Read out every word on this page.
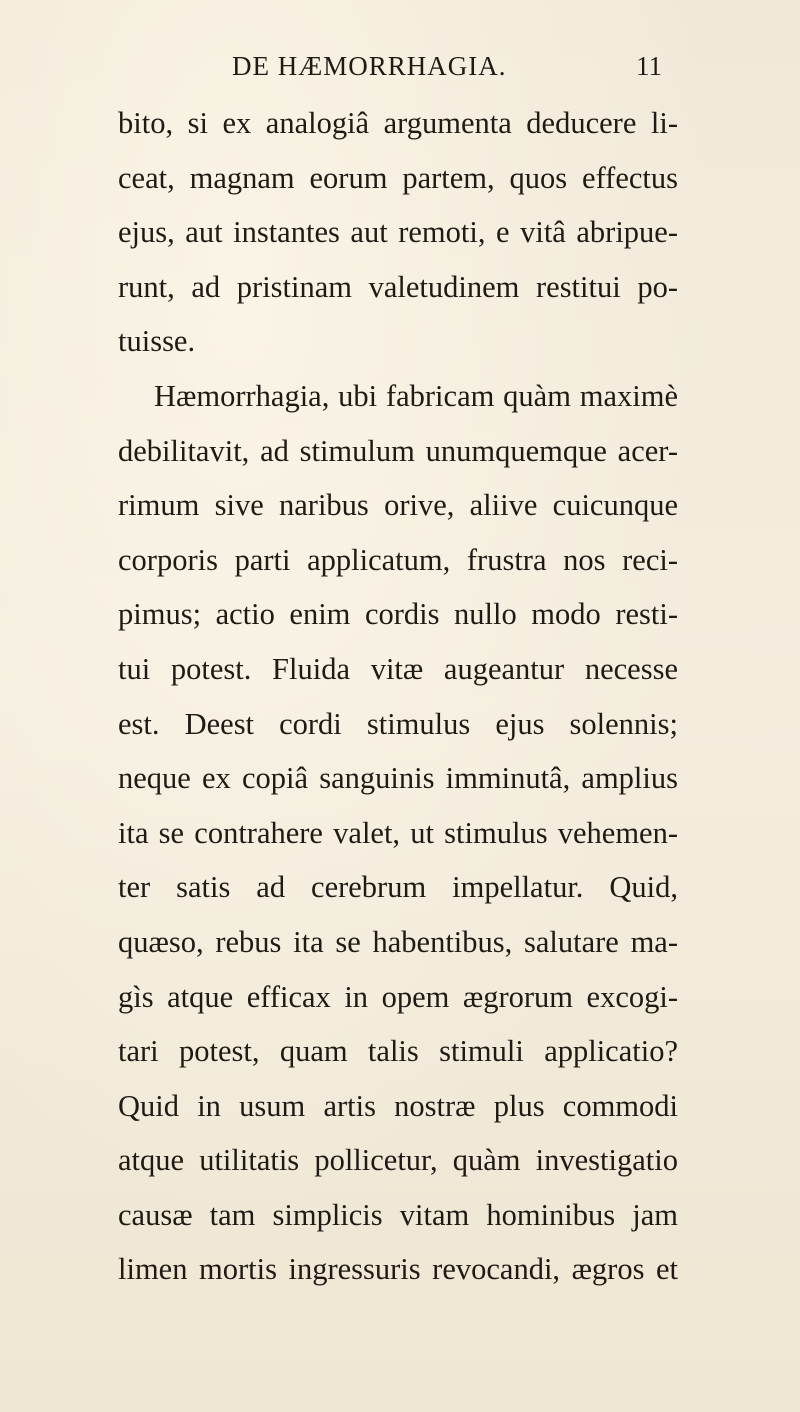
DE HÆMORRHAGIA.	11
bito, si ex analogiâ argumenta deducere li-
ceat, magnam eorum partem, quos effectus
ejus, aut instantes aut remoti, e vitâ abripue-
runt, ad pristinam valetudinem restitui po-
tuisse.
Hæmorrhagia, ubi fabricam quàm maximè
debilitavit, ad stimulum unumquemque acer-
rimum sive naribus orive, aliive cuicunque
corporis parti applicatum, frustra nos reci-
pimus; actio enim cordis nullo modo resti-
tui potest. Fluida vitæ augeantur necesse
est. Deest cordi stimulus ejus solennis;
neque ex copiâ sanguinis imminutâ, amplius
ita se contrahere valet, ut stimulus vehemen-
ter satis ad cerebrum impellatur. Quid,
quæso, rebus ita se habentibus, salutare ma-
gìs atque efficax in opem ægrorum excogi-
tari potest, quam talis stimuli applicatio?
Quid in usum artis nostræ plus commodi
atque utilitatis pollicetur, quàm investigatio
causæ tam simplicis vitam hominibus jam
limen mortis ingressuris revocandi, ægros et
